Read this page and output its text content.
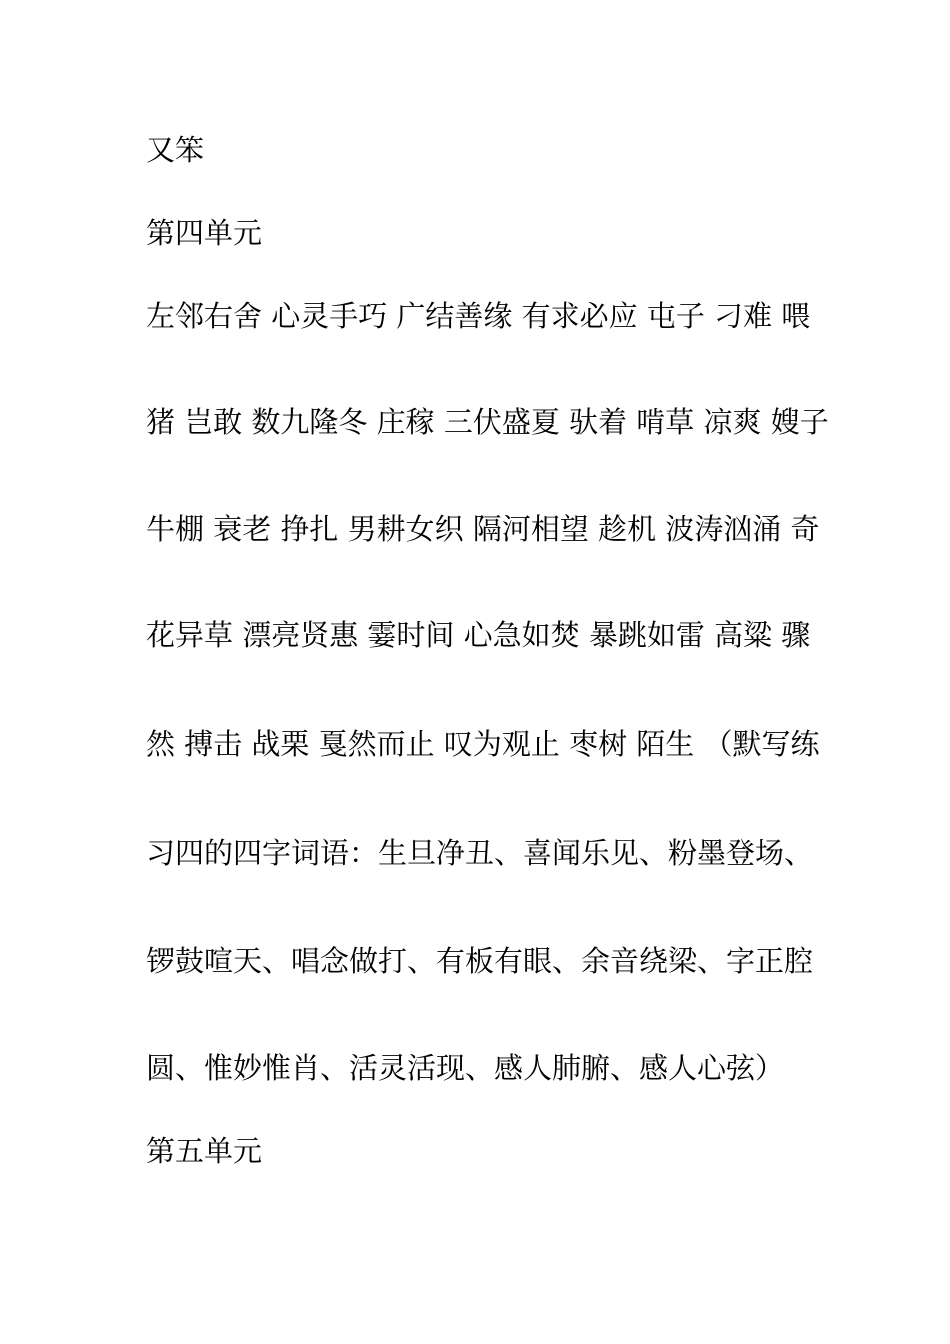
又笨
第四单元
左邻右舍 心灵手巧 广结善缘 有求必应 屯子 刁难 喂
猪 岂敢 数九隆冬 庄稼 三伏盛夏 驮着 啃草 凉爽 嫂子
牛棚 衰老 挣扎 男耕女织 隔河相望 趁机 波涛汹涌 奇
花异草 漂亮贤惠 霎时间 心急如焚 暴跳如雷 高粱 骤
然 搏击 战栗 戛然而止 叹为观止 枣树 陌生 （默写练
习四的四字词语：生旦净丑、喜闻乐见、粉墨登场、
锣鼓喧天、唱念做打、有板有眼、余音绕梁、字正腔
圆、惟妙惟肖、活灵活现、感人肺腑、感人心弦）
第五单元
